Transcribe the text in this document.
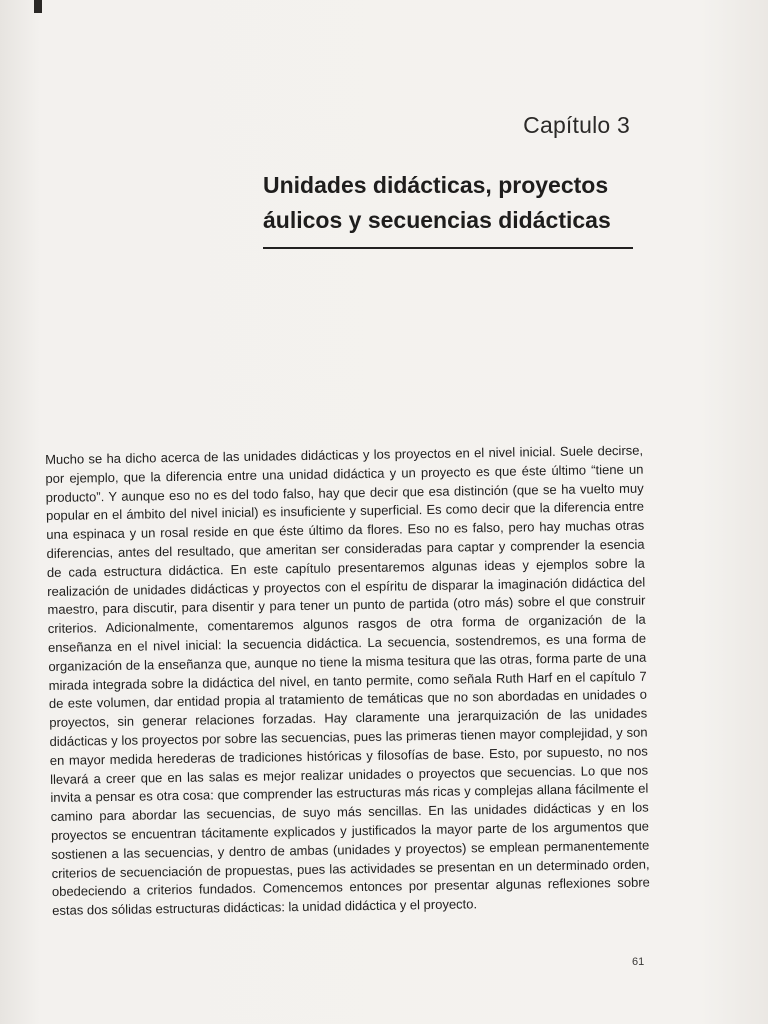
Capítulo 3

Unidades didácticas, proyectos áulicos y secuencias didácticas

Mucho se ha dicho acerca de las unidades didácticas y los proyectos en el nivel inicial. Suele decirse, por ejemplo, que la diferencia entre una unidad didáctica y un proyecto es que éste último “tiene un producto”. Y aunque eso no es del todo falso, hay que decir que esa distinción (que se ha vuelto muy popular en el ámbito del nivel inicial) es insuficiente y superficial. Es como decir que la diferencia entre una espinaca y un rosal reside en que éste último da flores. Eso no es falso, pero hay muchas otras diferencias, antes del resultado, que ameritan ser consideradas para captar y comprender la esencia de cada estructura didáctica. En este capítulo presentaremos algunas ideas y ejemplos sobre la realización de unidades didácticas y proyectos con el espíritu de disparar la imaginación didáctica del maestro, para discutir, para disentir y para tener un punto de partida (otro más) sobre el que construir criterios. Adicionalmente, comentaremos algunos rasgos de otra forma de organización de la enseñanza en el nivel inicial: la secuencia didáctica. La secuencia, sostendremos, es una forma de organización de la enseñanza que, aunque no tiene la misma tesitura que las otras, forma parte de una mirada integrada sobre la didáctica del nivel, en tanto permite, como señala Ruth Harf en el capítulo 7 de este volumen, dar entidad propia al tratamiento de temáticas que no son abordadas en unidades o proyectos, sin generar relaciones forzadas. Hay claramente una jerarquización de las unidades didácticas y los proyectos por sobre las secuencias, pues las primeras tienen mayor complejidad, y son en mayor medida herederas de tradiciones históricas y filosofías de base. Esto, por supuesto, no nos llevará a creer que en las salas es mejor realizar unidades o proyectos que secuencias. Lo que nos invita a pensar es otra cosa: que comprender las estructuras más ricas y complejas allana fácilmente el camino para abordar las secuencias, de suyo más sencillas. En las unidades didácticas y en los proyectos se encuentran tácitamente explicados y justificados la mayor parte de los argumentos que sostienen a las secuencias, y dentro de ambas (unidades y proyectos) se emplean permanentemente criterios de secuenciación de propuestas, pues las actividades se presentan en un determinado orden, obedeciendo a criterios fundados. Comencemos entonces por presentar algunas reflexiones sobre estas dos sólidas estructuras didácticas: la unidad didáctica y el proyecto.

61
